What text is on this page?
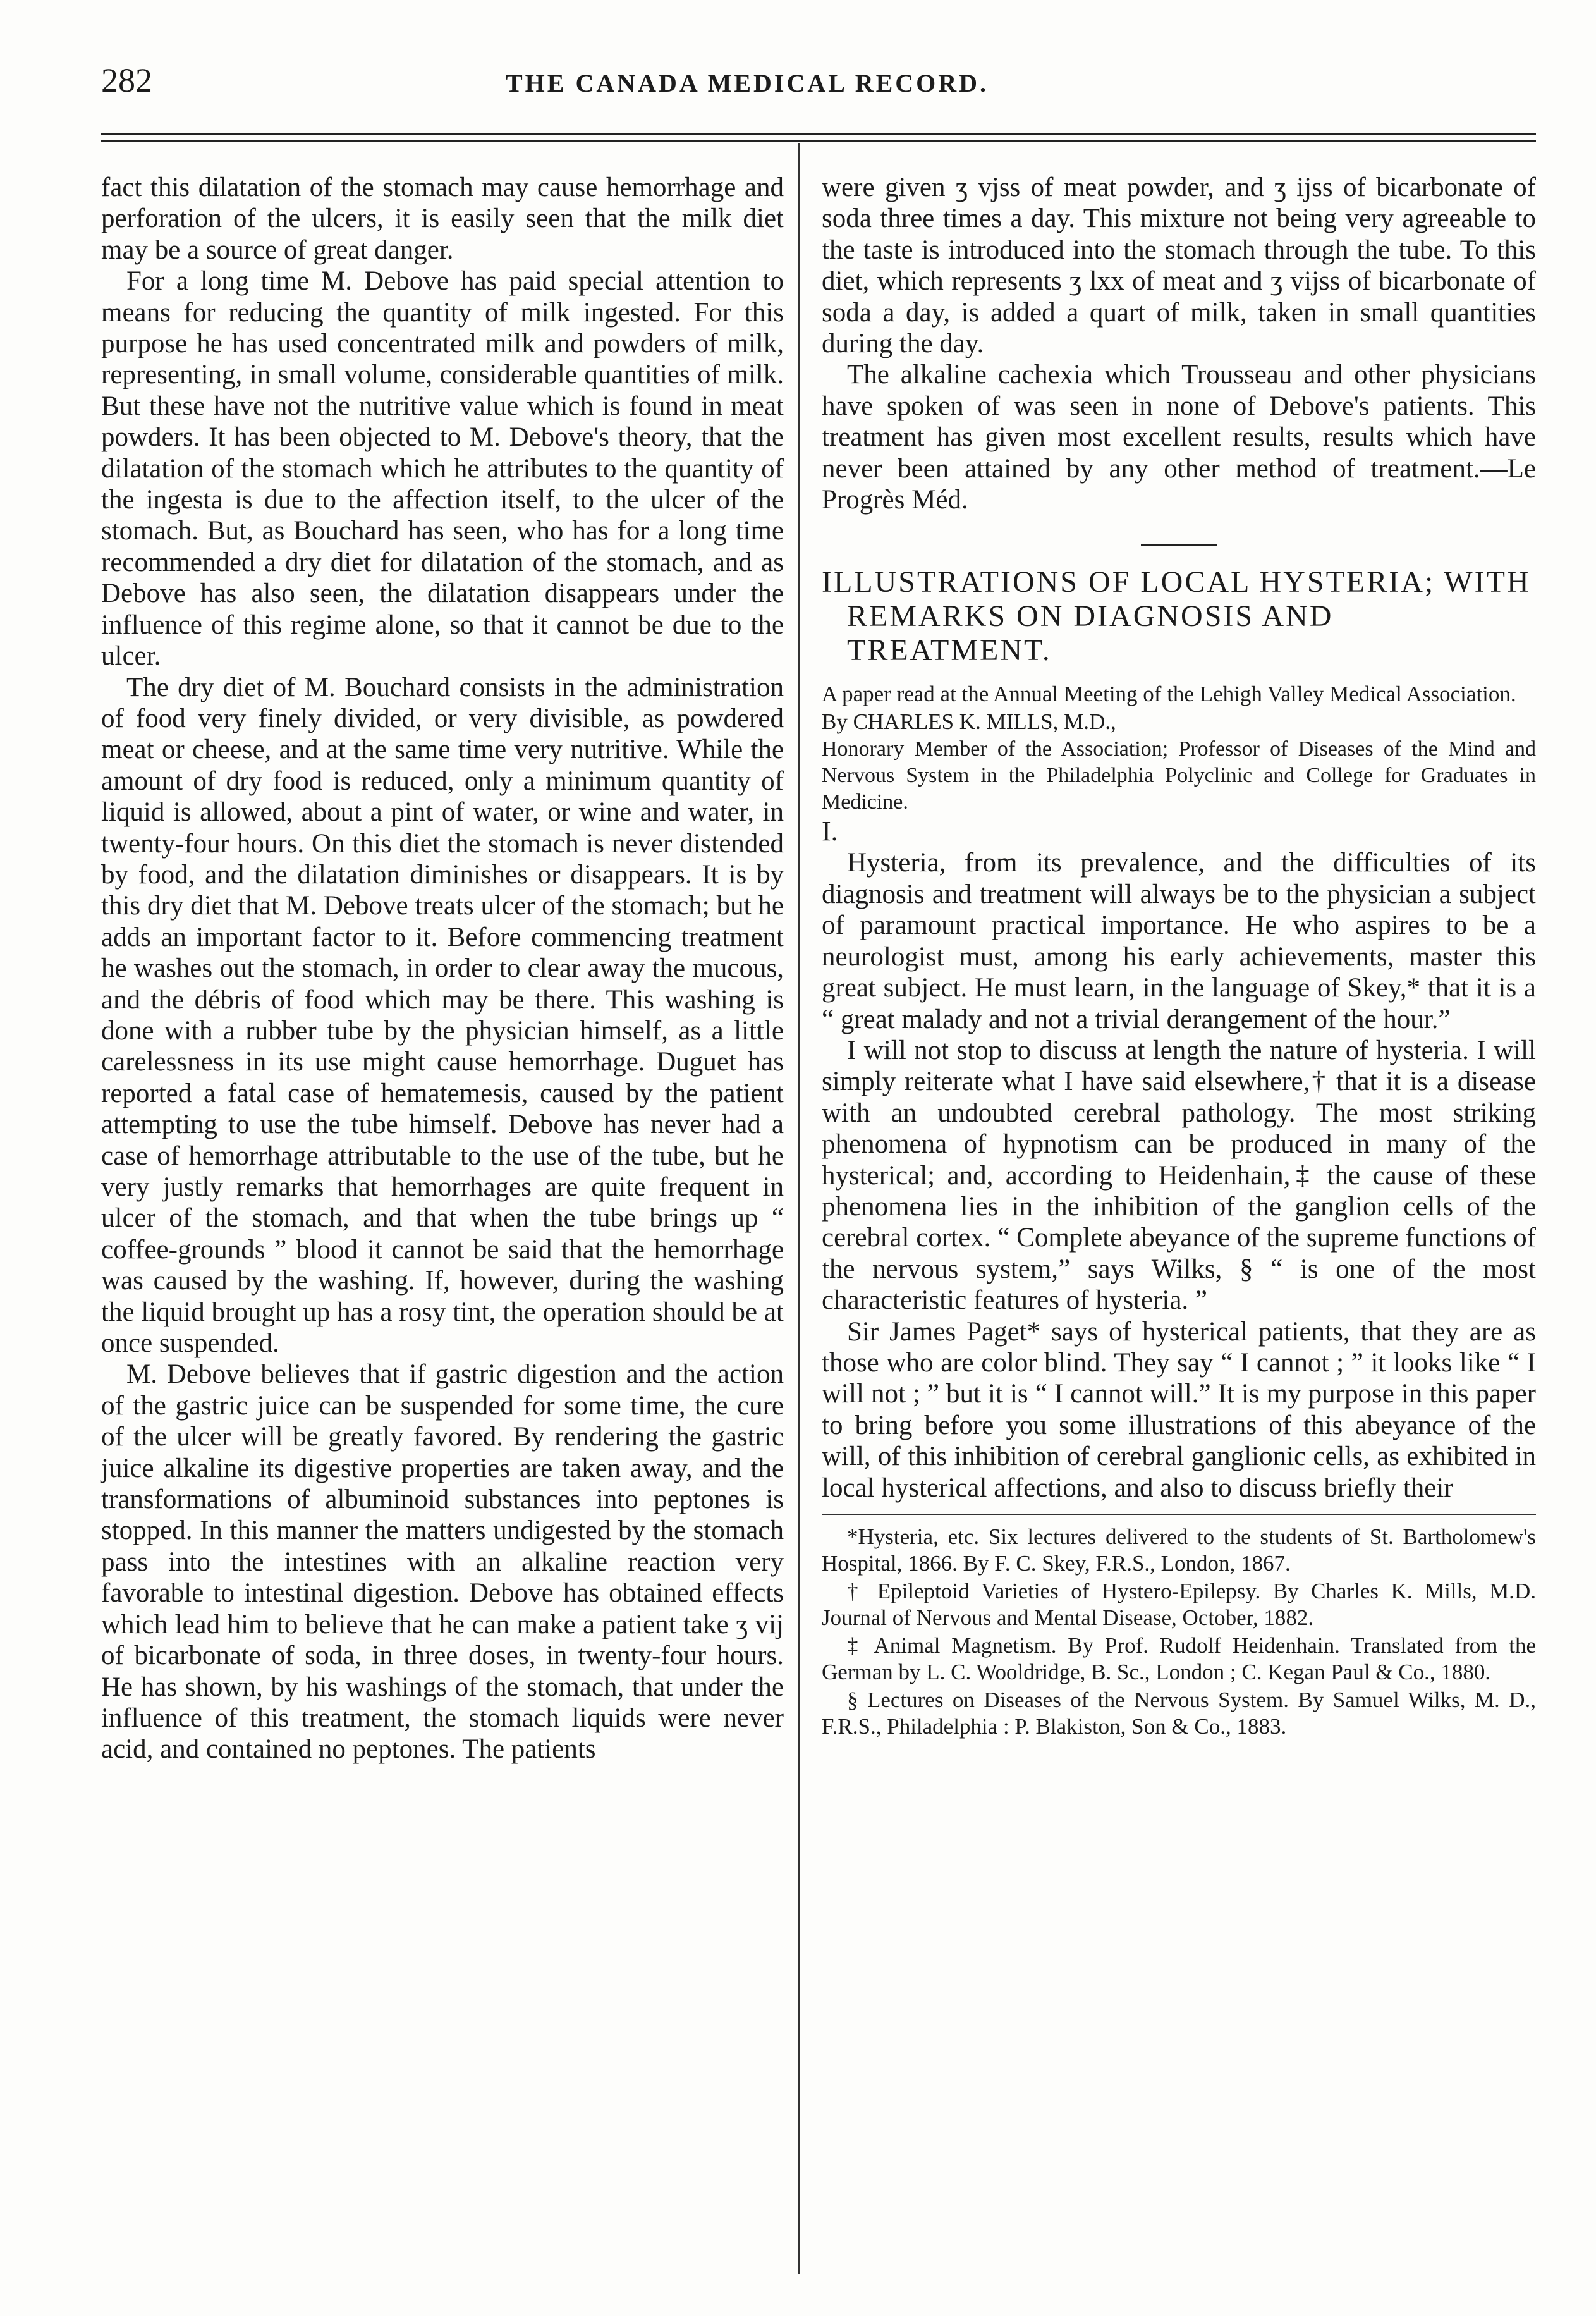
282	THE CANADA MEDICAL RECORD.

fact this dilatation of the stomach may cause hemorrhage and perforation of the ulcers, it is easily seen that the milk diet may be a source of great danger.

For a long time M. Debove has paid special attention to means for reducing the quantity of milk ingested. For this purpose he has used concentrated milk and powders of milk, representing, in small volume, considerable quantities of milk. But these have not the nutritive value which is found in meat powders. It has been objected to M. Debove's theory, that the dilatation of the stomach which he attributes to the quantity of the ingesta is due to the affection itself, to the ulcer of the stomach. But, as Bouchard has seen, who has for a long time recommended a dry diet for dilatation of the stomach, and as Debove has also seen, the dilatation disappears under the influence of this regime alone, so that it cannot be due to the ulcer.

The dry diet of M. Bouchard consists in the administration of food very finely divided, or very divisible, as powdered meat or cheese, and at the same time very nutritive. While the amount of dry food is reduced, only a minimum quantity of liquid is allowed, about a pint of water, or wine and water, in twenty-four hours. On this diet the stomach is never distended by food, and the dilatation diminishes or disappears. It is by this dry diet that M. Debove treats ulcer of the stomach; but he adds an important factor to it. Before commencing treatment he washes out the stomach, in order to clear away the mucous, and the débris of food which may be there. This washing is done with a rubber tube by the physician himself, as a little carelessness in its use might cause hemorrhage. Duguet has reported a fatal case of hematemesis, caused by the patient attempting to use the tube himself. Debove has never had a case of hemorrhage attributable to the use of the tube, but he very justly remarks that hemorrhages are quite frequent in ulcer of the stomach, and that when the tube brings up “ coffee-grounds ” blood it cannot be said that the hemorrhage was caused by the washing. If, however, during the washing the liquid brought up has a rosy tint, the operation should be at once suspended.

M. Debove believes that if gastric digestion and the action of the gastric juice can be suspended for some time, the cure of the ulcer will be greatly favored. By rendering the gastric juice alkaline its digestive properties are taken away, and the transformations of albuminoid substances into peptones is stopped. In this manner the matters undigested by the stomach pass into the intestines with an alkaline reaction very favorable to intestinal digestion. Debove has obtained effects which lead him to believe that he can make a patient take ʒ vij of bicarbonate of soda, in three doses, in twenty-four hours. He has shown, by his washings of the stomach, that under the influence of this treatment, the stomach liquids were never acid, and contained no peptones. The patients

were given ʒ vjss of meat powder, and ʒ ijss of bicarbonate of soda three times a day. This mixture not being very agreeable to the taste is introduced into the stomach through the tube. To this diet, which represents ʒ lxx of meat and ʒ vijss of bicarbonate of soda a day, is added a quart of milk, taken in small quantities during the day.

The alkaline cachexia which Trousseau and other physicians have spoken of was seen in none of Debove's patients. This treatment has given most excellent results, results which have never been attained by any other method of treatment.—Le Progrès Méd.

ILLUSTRATIONS OF LOCAL HYSTERIA; WITH REMARKS ON DIAGNOSIS AND TREATMENT.

A paper read at the Annual Meeting of the Lehigh Valley Medical Association.

By CHARLES K. MILLS, M.D.,

Honorary Member of the Association; Professor of Diseases of the Mind and Nervous System in the Philadelphia Polyclinic and College for Graduates in Medicine.

I.

Hysteria, from its prevalence, and the difficulties of its diagnosis and treatment will always be to the physician a subject of paramount practical importance. He who aspires to be a neurologist must, among his early achievements, master this great subject. He must learn, in the language of Skey,* that it is a “ great malady and not a trivial derangement of the hour.”

I will not stop to discuss at length the nature of hysteria. I will simply reiterate what I have said elsewhere,† that it is a disease with an undoubted cerebral pathology. The most striking phenomena of hypnotism can be produced in many of the hysterical; and, according to Heidenhain,‡ the cause of these phenomena lies in the inhibition of the ganglion cells of the cerebral cortex. “ Complete abeyance of the supreme functions of the nervous system,” says Wilks, § “ is one of the most characteristic features of hysteria. ”

Sir James Paget* says of hysterical patients, that they are as those who are color blind. They say “ I cannot ; ” it looks like “ I will not ; ” but it is “ I cannot will.” It is my purpose in this paper to bring before you some illustrations of this abeyance of the will, of this inhibition of cerebral ganglionic cells, as exhibited in local hysterical affections, and also to discuss briefly their

*Hysteria, etc. Six lectures delivered to the students of St. Bartholomew's Hospital, 1866. By F. C. Skey, F.R.S., London, 1867.

† Epileptoid Varieties of Hystero-Epilepsy. By Charles K. Mills, M.D. Journal of Nervous and Mental Disease, October, 1882.

‡ Animal Magnetism. By Prof. Rudolf Heidenhain. Translated from the German by L. C. Wooldridge, B. Sc., London ; C. Kegan Paul & Co., 1880.

§ Lectures on Diseases of the Nervous System. By Samuel Wilks, M. D., F.R.S., Philadelphia : P. Blakiston, Son & Co., 1883.
